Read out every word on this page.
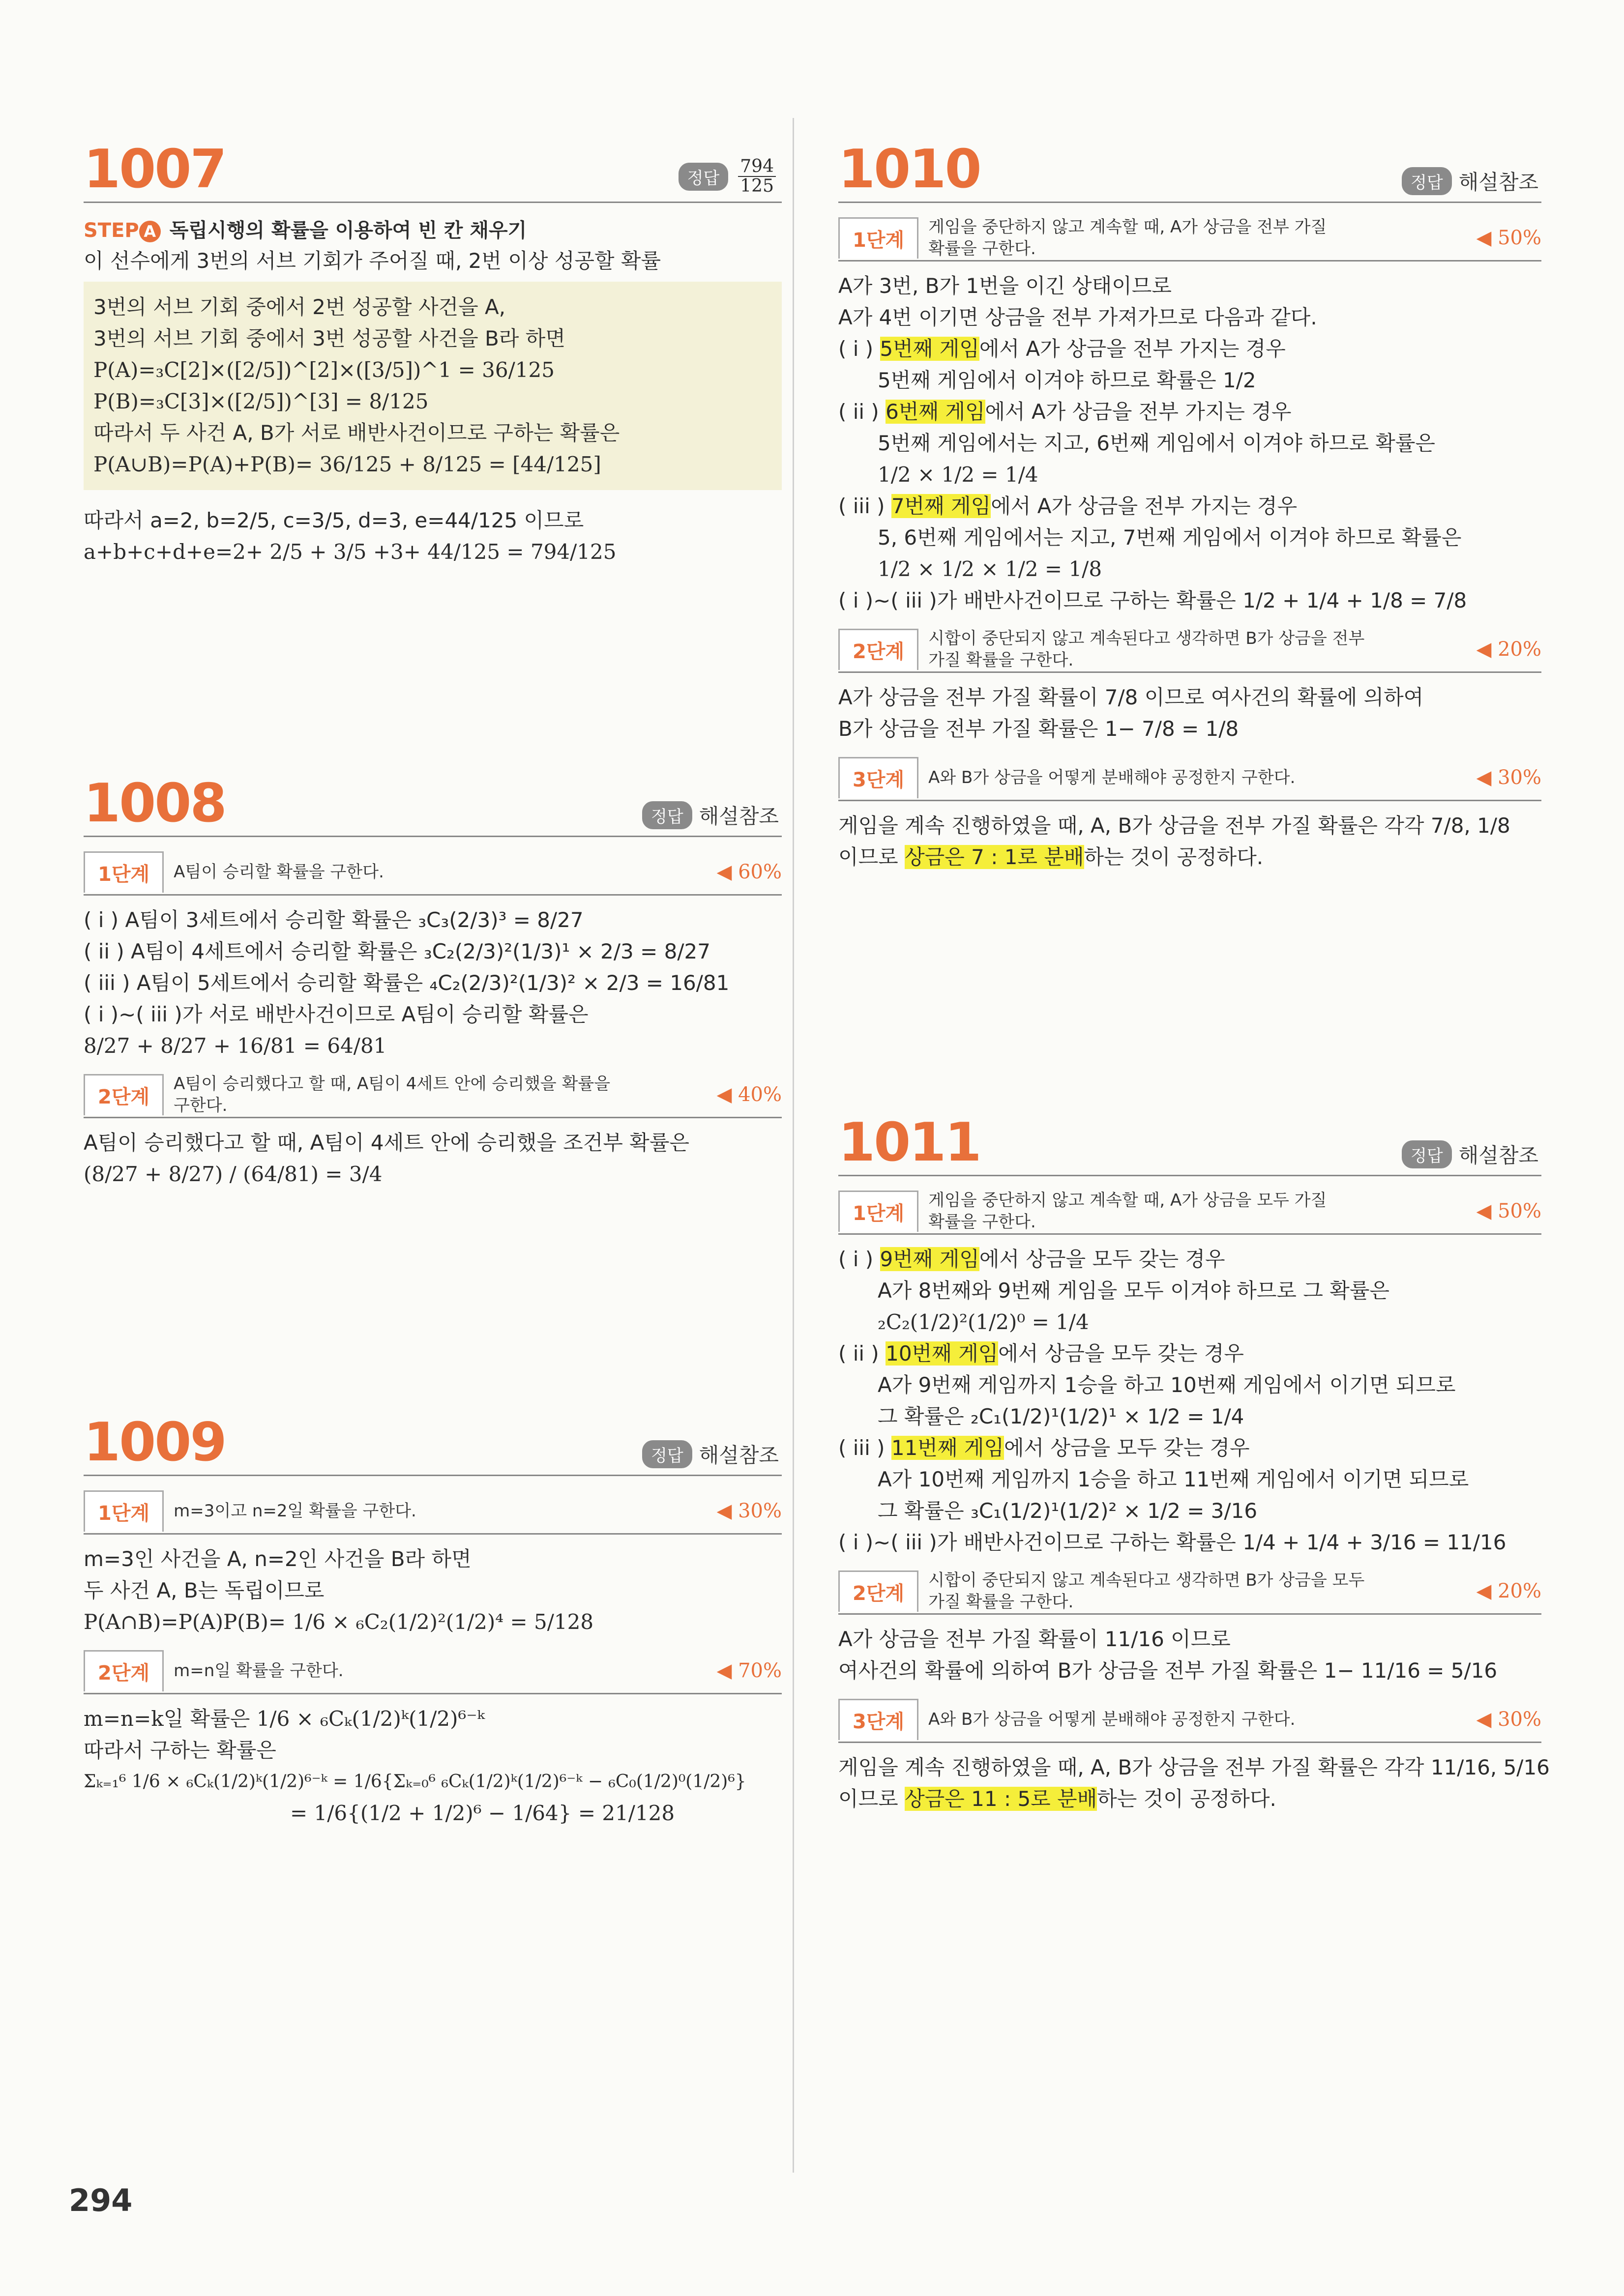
1007	정답	$\frac{794}{125}$
STEP A 독립시행의 확률을 이용하여 빈 칸 채우기
이 선수에게 3번의 서브 기회가 주어질 때, 2번 이상 성공할 확률
3번의 서브 기회 중에서 2번 성공할 사건을 A,
3번의 서브 기회 중에서 3번 성공할 사건을 B라 하면
P(A)=₃C[2]×([2/5])^[2]×([3/5])^1 = 36/125
P(B)=₃C[3]×([2/5])^[3] = 8/125
따라서 두 사건 A, B가 서로 배반사건이므로 구하는 확률은
P(A∪B)=P(A)+P(B)= 36/125 + 8/125 = [44/125]
따라서 a=2, b=2/5, c=3/5, d=3, e=44/125 이므로
a+b+c+d+e=2+ 2/5 + 3/5 +3+ 44/125 = 794/125
1008	정답 해설참조
1단계	A팀이 승리할 확률을 구한다.	◀ 60%
( i ) A팀이 3세트에서 승리할 확률은 ₃C₃(2/3)³ = 8/27
( ii ) A팀이 4세트에서 승리할 확률은 ₃C₂(2/3)²(1/3)¹ × 2/3 = 8/27
( iii ) A팀이 5세트에서 승리할 확률은 ₄C₂(2/3)²(1/3)² × 2/3 = 16/81
( i )~( iii )가 서로 배반사건이므로 A팀이 승리할 확률은
8/27 + 8/27 + 16/81 = 64/81
2단계
A팀이 승리했다고 할 때, A팀이 4세트 안에 승리했을 확률을
구한다.	◀ 40%
A팀이 승리했다고 할 때, A팀이 4세트 안에 승리했을 조건부 확률은
(8/27 + 8/27) / (64/81) = 3/4
1009	정답 해설참조
1단계	m=3이고 n=2일 확률을 구한다.	◀ 30%
m=3인 사건을 A, n=2인 사건을 B라 하면
두 사건 A, B는 독립이므로
P(A∩B)=P(A)P(B)= 1/6 × ₆C₂(1/2)²(1/2)⁴ = 5/128
2단계	m=n일 확률을 구한다.	◀ 70%
m=n=k일 확률은 1/6 × ₆Cₖ(1/2)ᵏ(1/2)⁶⁻ᵏ
따라서 구하는 확률은
Σₖ₌₁⁶ 1/6 × ₆Cₖ(1/2)ᵏ(1/2)⁶⁻ᵏ = 1/6{Σₖ₌₀⁶ ₆Cₖ(1/2)ᵏ(1/2)⁶⁻ᵏ − ₆C₀(1/2)⁰(1/2)⁶}
= 1/6{(1/2 + 1/2)⁶ − 1/64} = 21/128
1010	정답 해설참조
1단계
게임을 중단하지 않고 계속할 때, A가 상금을 전부 가질
확률을 구한다.	◀ 50%
A가 3번, B가 1번을 이긴 상태이므로
A가 4번 이기면 상금을 전부 가져가므로 다음과 같다.
( i ) 5번째 게임에서 A가 상금을 전부 가지는 경우
5번째 게임에서 이겨야 하므로 확률은 1/2
( ii ) 6번째 게임에서 A가 상금을 전부 가지는 경우
5번째 게임에서는 지고, 6번째 게임에서 이겨야 하므로 확률은
1/2 × 1/2 = 1/4
( iii ) 7번째 게임에서 A가 상금을 전부 가지는 경우
5, 6번째 게임에서는 지고, 7번째 게임에서 이겨야 하므로 확률은
1/2 × 1/2 × 1/2 = 1/8
( i )~( iii )가 배반사건이므로 구하는 확률은 1/2 + 1/4 + 1/8 = 7/8
2단계
시합이 중단되지 않고 계속된다고 생각하면 B가 상금을 전부
가질 확률을 구한다.	◀ 20%
A가 상금을 전부 가질 확률이 7/8 이므로 여사건의 확률에 의하여
B가 상금을 전부 가질 확률은 1− 7/8 = 1/8
3단계	A와 B가 상금을 어떻게 분배해야 공정한지 구한다.	◀ 30%
게임을 계속 진행하였을 때, A, B가 상금을 전부 가질 확률은 각각 7/8, 1/8
이므로 상금은 7 : 1로 분배하는 것이 공정하다.
1011	정답 해설참조
1단계
게임을 중단하지 않고 계속할 때, A가 상금을 모두 가질
확률을 구한다.	◀ 50%
( i ) 9번째 게임에서 상금을 모두 갖는 경우
A가 8번째와 9번째 게임을 모두 이겨야 하므로 그 확률은
₂C₂(1/2)²(1/2)⁰ = 1/4
( ii ) 10번째 게임에서 상금을 모두 갖는 경우
A가 9번째 게임까지 1승을 하고 10번째 게임에서 이기면 되므로
그 확률은 ₂C₁(1/2)¹(1/2)¹ × 1/2 = 1/4
( iii ) 11번째 게임에서 상금을 모두 갖는 경우
A가 10번째 게임까지 1승을 하고 11번째 게임에서 이기면 되므로
그 확률은 ₃C₁(1/2)¹(1/2)² × 1/2 = 3/16
( i )~( iii )가 배반사건이므로 구하는 확률은 1/4 + 1/4 + 3/16 = 11/16
2단계
시합이 중단되지 않고 계속된다고 생각하면 B가 상금을 모두
가질 확률을 구한다.	◀ 20%
A가 상금을 전부 가질 확률이 11/16 이므로
여사건의 확률에 의하여 B가 상금을 전부 가질 확률은 1− 11/16 = 5/16
3단계	A와 B가 상금을 어떻게 분배해야 공정한지 구한다.	◀ 30%
게임을 계속 진행하였을 때, A, B가 상금을 전부 가질 확률은 각각 11/16, 5/16
이므로 상금은 11 : 5로 분배하는 것이 공정하다.
294
